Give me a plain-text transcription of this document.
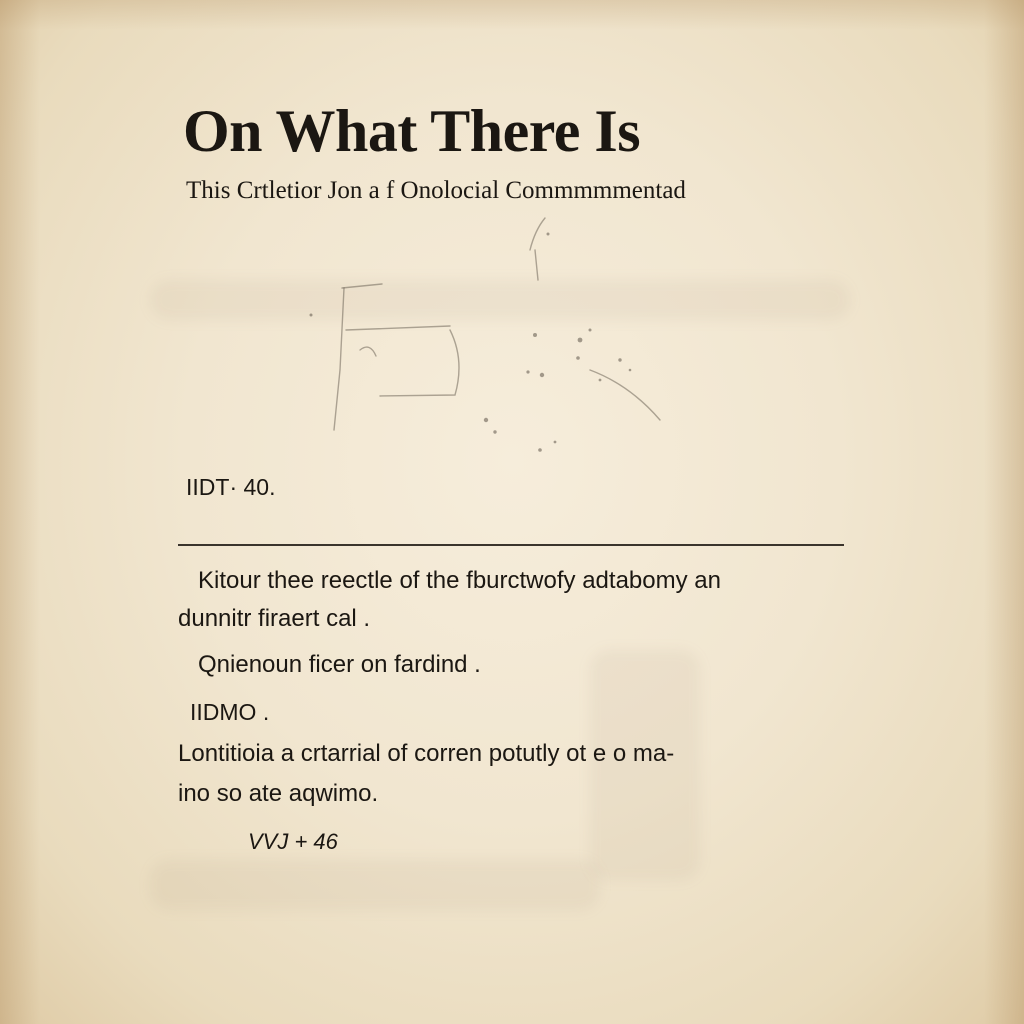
On What There Is

This Crtletior Jon a f Onolocial Commmmmentad

IIDT· 40.

Kitour thee reectle of the fburctwofy adtabomy an

dunnitr firaert cal .

Qnienoun ficer on fardind .

IIDMO .

Lontitioia a crtarrial of corren potutly ot e o ma-

ino so ate aqwimo.

VVJ + 46
